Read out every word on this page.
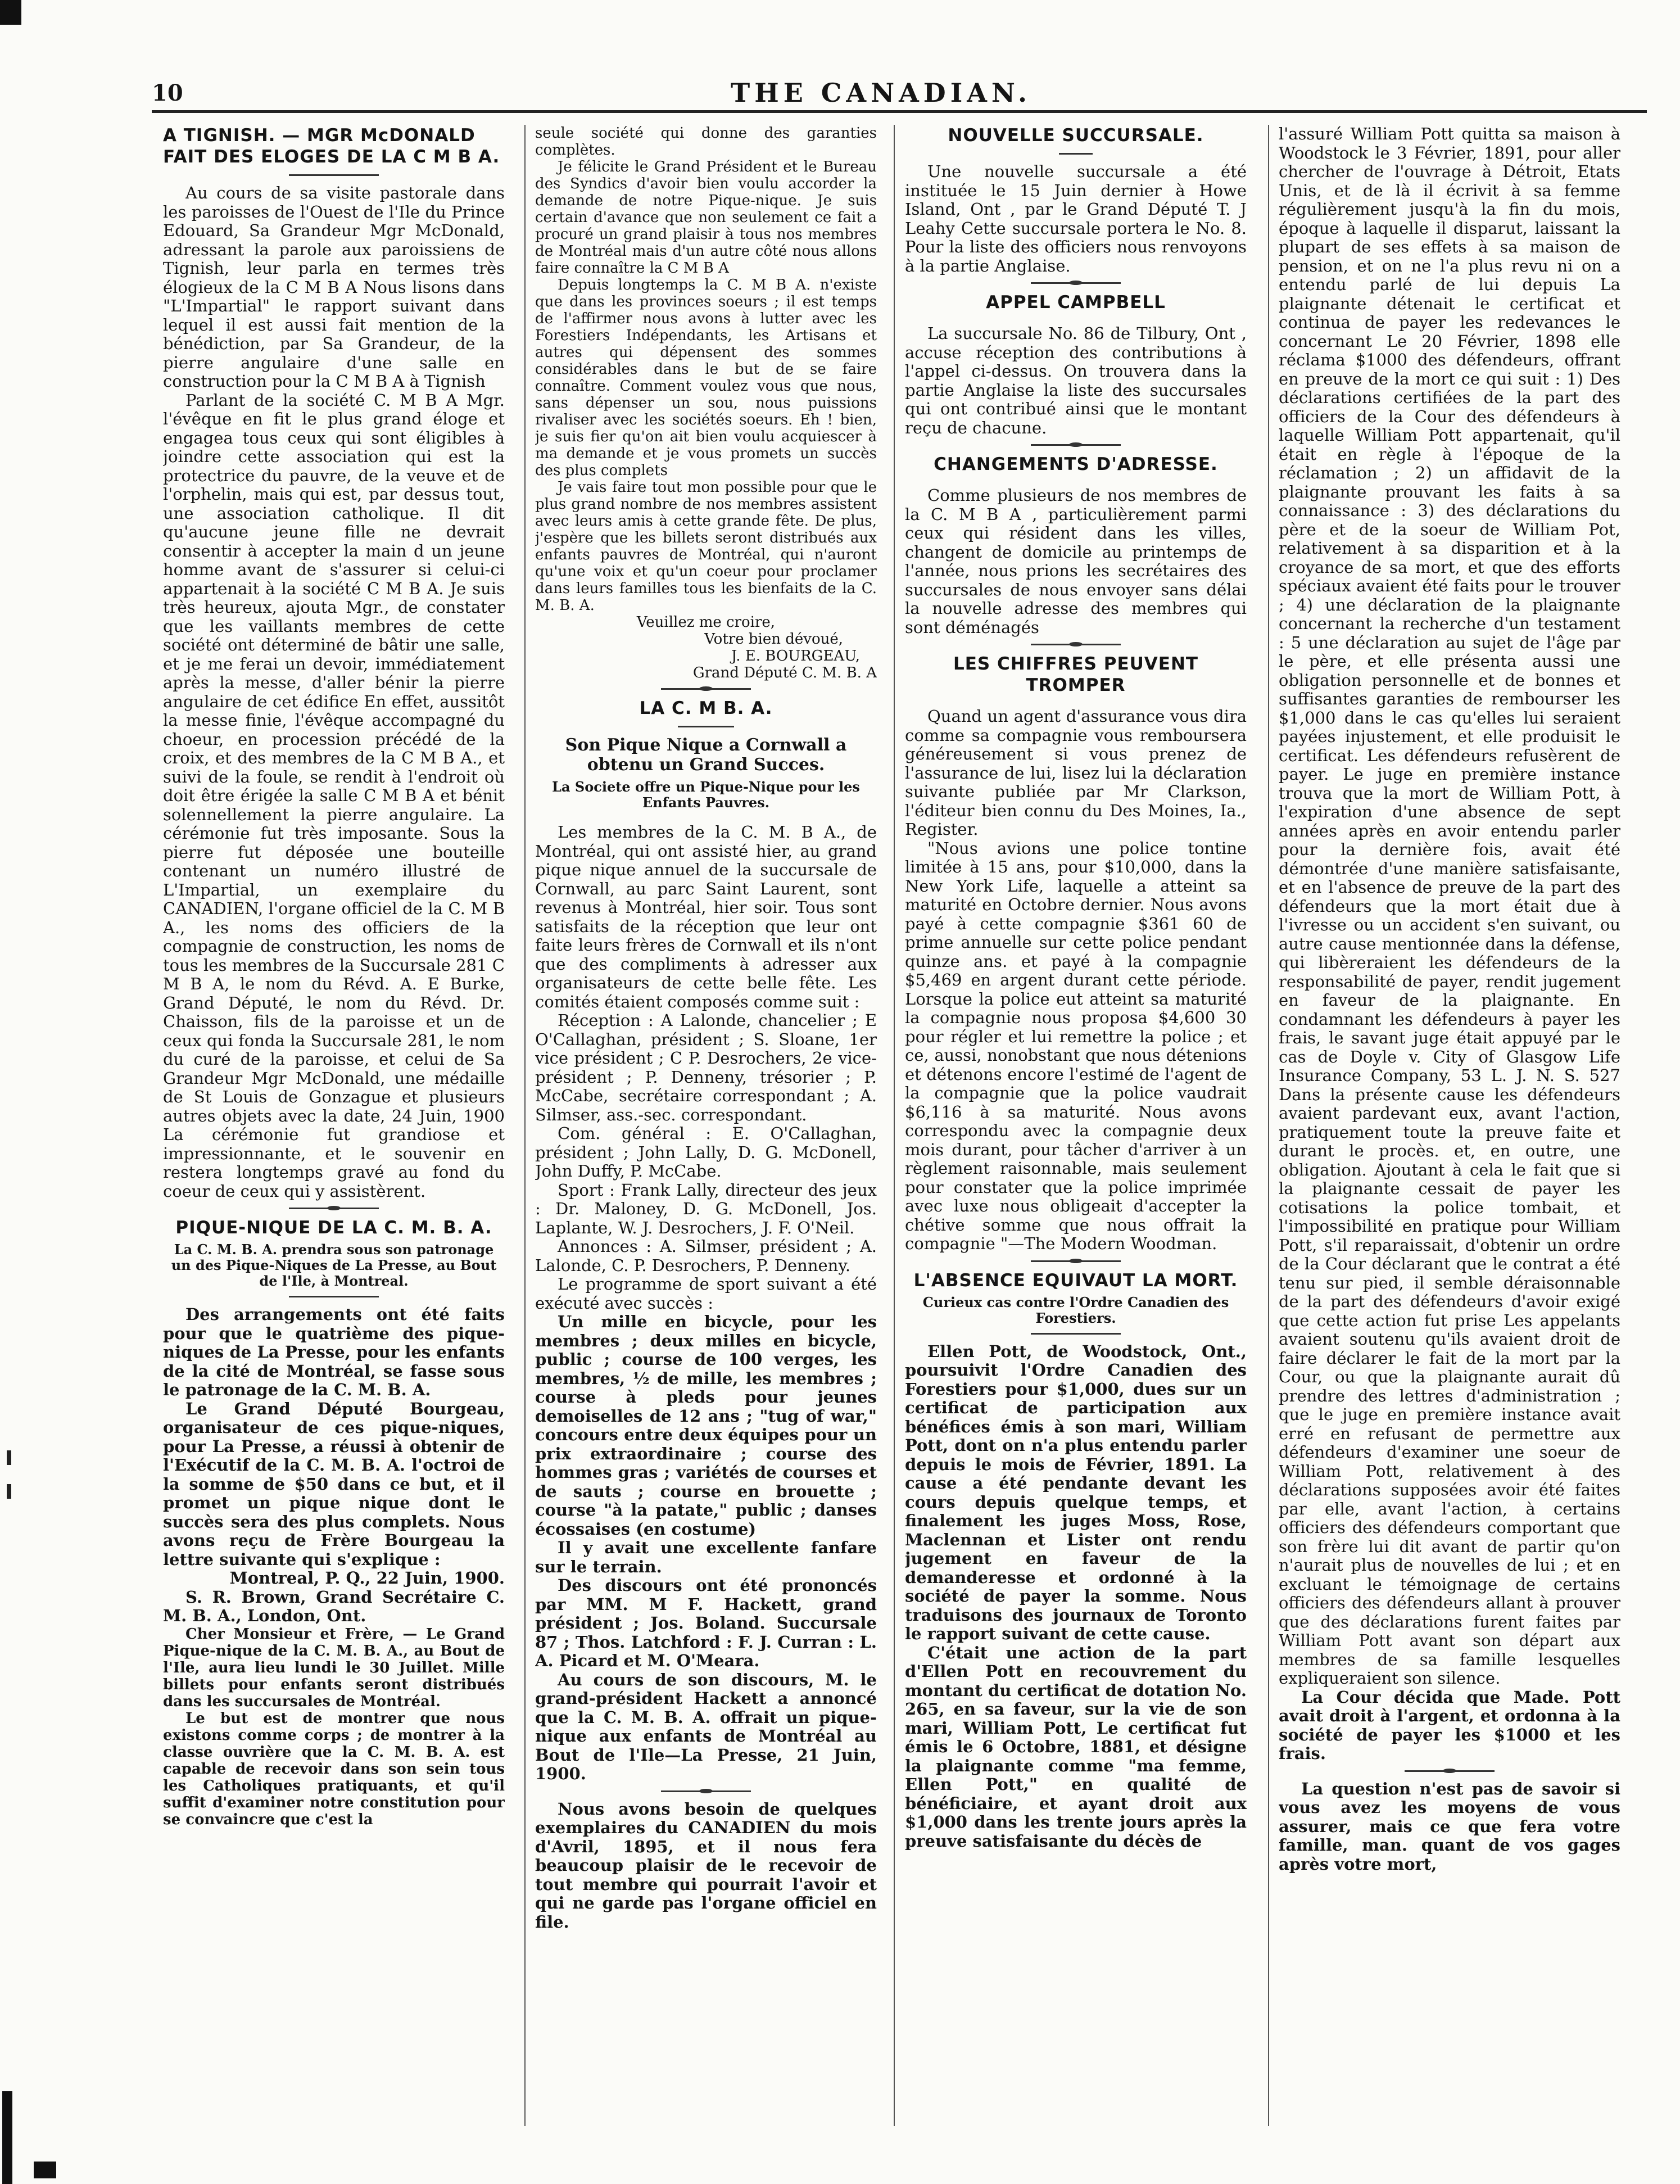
10	THE CANADIAN.
A TIGNISH. — MGR McDONALD FAIT DES ELOGES DE LA C M B A.

Au cours de sa visite pastorale dans les paroisses de l'Ouest de l'Ile du Prince Edouard, Sa Grandeur Mgr McDonald, adressant la parole aux paroissiens de Tignish, leur parla en termes très élogieux de la C M B A Nous lisons dans "L'Impartial" le rapport suivant dans lequel il est aussi fait mention de la bénédiction, par Sa Grandeur, de la pierre angulaire d'une salle en construction pour la C M B A à Tignish

Parlant de la société C. M B A Mgr. l'évêque en fit le plus grand éloge et engagea tous ceux qui sont éligibles à joindre cette association qui est la protectrice du pauvre, de la veuve et de l'orphelin, mais qui est, par dessus tout, une association catholique. Il dit qu'aucune jeune fille ne devrait consentir à accepter la main d un jeune homme avant de s'assurer si celui-ci appartenait à la société C M B A. Je suis très heureux, ajouta Mgr., de constater que les vaillants membres de cette société ont déterminé de bâtir une salle, et je me ferai un devoir, immédiatement après la messe, d'aller bénir la pierre angulaire de cet édifice En effet, aussitôt la messe finie, l'évêque accompagné du choeur, en procession précédé de la croix, et des membres de la C M B A., et suivi de la foule, se rendit à l'endroit où doit être érigée la salle C M B A et bénit solennellement la pierre angulaire. La cérémonie fut très imposante. Sous la pierre fut déposée une bouteille contenant un numéro illustré de L'Impartial, un exemplaire du CANADIEN, l'organe officiel de la C. M B A., les noms des officiers de la compagnie de construction, les noms de tous les membres de la Succursale 281 C M B A, le nom du Révd. A. E Burke, Grand Député, le nom du Révd. Dr. Chaisson, fils de la paroisse et un de ceux qui fonda la Succursale 281, le nom du curé de la paroisse, et celui de Sa Grandeur Mgr McDonald, une médaille de St Louis de Gonzague et plusieurs autres objets avec la date, 24 Juin, 1900 La cérémonie fut grandiose et impressionnante, et le souvenir en restera longtemps gravé au fond du coeur de ceux qui y assistèrent.

PIQUE-NIQUE DE LA C. M. B. A.
La C. M. B. A. prendra sous son patronage un des Pique-Niques de La Presse, au Bout de l'Ile, à Montreal.

Des arrangements ont été faits pour que le quatrième des pique-niques de La Presse, pour les enfants de la cité de Montréal, se fasse sous le patronage de la C. M. B. A.

Le Grand Député Bourgeau, organisateur de ces pique-niques, pour La Presse, a réussi à obtenir de l'Exécutif de la C. M. B. A. l'octroi de la somme de $50 dans ce but, et il promet un pique nique dont le succès sera des plus complets. Nous avons reçu de Frère Bourgeau la lettre suivante qui s'explique :

Montreal, P. Q., 22 Juin, 1900.

S. R. Brown, Grand Secrétaire C. M. B. A., London, Ont.

Cher Monsieur et Frère, — Le Grand Pique-nique de la C. M. B. A., au Bout de l'Ile, aura lieu lundi le 30 Juillet. Mille billets pour enfants seront distribués dans les succursales de Montréal.

Le but est de montrer que nous existons comme corps ; de montrer à la classe ouvrière que la C. M. B. A. est capable de recevoir dans son sein tous les Catholiques pratiquants, et qu'il suffit d'examiner notre constitution pour se convaincre que c'est la

seule société qui donne des garanties complètes.

Je félicite le Grand Président et le Bureau des Syndics d'avoir bien voulu accorder la demande de notre Pique-nique. Je suis certain d'avance que non seulement ce fait a procuré un grand plaisir à tous nos membres de Montréal mais d'un autre côté nous allons faire connaître la C M B A

Depuis longtemps la C. M B A. n'existe que dans les provinces soeurs ; il est temps de l'affirmer nous avons à lutter avec les Forestiers Indépendants, les Artisans et autres qui dépensent des sommes considérables dans le but de se faire connaître. Comment voulez vous que nous, sans dépenser un sou, nous puissions rivaliser avec les sociétés soeurs. Eh ! bien, je suis fier qu'on ait bien voulu acquiescer à ma demande et je vous promets un succès des plus complets

Je vais faire tout mon possible pour que le plus grand nombre de nos membres assistent avec leurs amis à cette grande fête. De plus, j'espère que les billets seront distribués aux enfants pauvres de Montréal, qui n'auront qu'une voix et qu'un coeur pour proclamer dans leurs familles tous les bienfaits de la C. M. B. A.

Veuillez me croire,

Votre bien dévoué,

J. E. BOURGEAU,

Grand Député C. M. B. A

LA C. M B. A.
Son Pique Nique a Cornwall a obtenu un Grand Succes.
La Societe offre un Pique-Nique pour les Enfants Pauvres.

Les membres de la C. M. B A., de Montréal, qui ont assisté hier, au grand pique nique annuel de la succursale de Cornwall, au parc Saint Laurent, sont revenus à Montréal, hier soir. Tous sont satisfaits de la réception que leur ont faite leurs frères de Cornwall et ils n'ont que des compliments à adresser aux organisateurs de cette belle fête. Les comités étaient composés comme suit :

Réception : A Lalonde, chancelier ; E O'Callaghan, président ; S. Sloane, 1er vice président ; C P. Desrochers, 2e vice-président ; P. Denneny, trésorier ; P. McCabe, secrétaire correspondant ; A. Silmser, ass.-sec. correspondant.

Com. général : E. O'Callaghan, président ; John Lally, D. G. McDonell, John Duffy, P. McCabe.

Sport : Frank Lally, directeur des jeux : Dr. Maloney, D. G. McDonell, Jos. Laplante, W. J. Desrochers, J. F. O'Neil.

Annonces : A. Silmser, président ; A. Lalonde, C. P. Desrochers, P. Denneny.

Le programme de sport suivant a été exécuté avec succès :

Un mille en bicycle, pour les membres ; deux milles en bicycle, public ; course de 100 verges, les membres, ½ de mille, les membres ; course à pleds pour jeunes demoiselles de 12 ans ; "tug of war," concours entre deux équipes pour un prix extraordinaire ; course des hommes gras ; variétés de courses et de sauts ; course en brouette ; course "à la patate," public ; danses écossaises (en costume)

Il y avait une excellente fanfare sur le terrain.

Des discours ont été prononcés par MM. M F. Hackett, grand président ; Jos. Boland. Succursale 87 ; Thos. Latchford : F. J. Curran : L. A. Picard et M. O'Meara.

Au cours de son discours, M. le grand-président Hackett a annoncé que la C. M. B. A. offrait un pique-nique aux enfants de Montréal au Bout de l'Ile—La Presse, 21 Juin, 1900.

Nous avons besoin de quelques exemplaires du CANADIEN du mois d'Avril, 1895, et il nous fera beaucoup plaisir de le recevoir de tout membre qui pourrait l'avoir et qui ne garde pas l'organe officiel en file.

NOUVELLE SUCCURSALE.

Une nouvelle succursale a été instituée le 15 Juin dernier à Howe Island, Ont , par le Grand Député T. J Leahy Cette succursale portera le No. 8. Pour la liste des officiers nous renvoyons à la partie Anglaise.

APPEL CAMPBELL

La succursale No. 86 de Tilbury, Ont , accuse réception des contributions à l'appel ci-dessus. On trouvera dans la partie Anglaise la liste des succursales qui ont contribué ainsi que le montant reçu de chacune.

CHANGEMENTS D'ADRESSE.

Comme plusieurs de nos membres de la C. M B A , particulièrement parmi ceux qui résident dans les villes, changent de domicile au printemps de l'année, nous prions les secrétaires des succursales de nous envoyer sans délai la nouvelle adresse des membres qui sont déménagés

LES CHIFFRES PEUVENT TROMPER

Quand un agent d'assurance vous dira comme sa compagnie vous remboursera généreusement si vous prenez de l'assurance de lui, lisez lui la déclaration suivante publiée par Mr Clarkson, l'éditeur bien connu du Des Moines, Ia., Register.

"Nous avions une police tontine limitée à 15 ans, pour $10,000, dans la New York Life, laquelle a atteint sa maturité en Octobre dernier. Nous avons payé à cette compagnie $361 60 de prime annuelle sur cette police pendant quinze ans. et payé à la compagnie $5,469 en argent durant cette période. Lorsque la police eut atteint sa maturité la compagnie nous proposa $4,600 30 pour régler et lui remettre la police ; et ce, aussi, nonobstant que nous détenions et détenons encore l'estimé de l'agent de la compagnie que la police vaudrait $6,116 à sa maturité. Nous avons correspondu avec la compagnie deux mois durant, pour tâcher d'arriver à un règlement raisonnable, mais seulement pour constater que la police imprimée avec luxe nous obligeait d'accepter la chétive somme que nous offrait la compagnie "—The Modern Woodman.

L'ABSENCE EQUIVAUT LA MORT.
Curieux cas contre l'Ordre Canadien des Forestiers.

Ellen Pott, de Woodstock, Ont., poursuivit l'Ordre Canadien des Forestiers pour $1,000, dues sur un certificat de participation aux bénéfices émis à son mari, William Pott, dont on n'a plus entendu parler depuis le mois de Février, 1891. La cause a été pendante devant les cours depuis quelque temps, et finalement les juges Moss, Rose, Maclennan et Lister ont rendu jugement en faveur de la demanderesse et ordonné à la société de payer la somme. Nous traduisons des journaux de Toronto le rapport suivant de cette cause.

C'était une action de la part d'Ellen Pott en recouvrement du montant du certificat de dotation No. 265, en sa faveur, sur la vie de son mari, William Pott, Le certificat fut émis le 6 Octobre, 1881, et désigne la plaignante comme "ma femme, Ellen Pott," en qualité de bénéficiaire, et ayant droit aux $1,000 dans les trente jours après la preuve satisfaisante du décès de

l'assuré William Pott quitta sa maison à Woodstock le 3 Février, 1891, pour aller chercher de l'ouvrage à Détroit, Etats Unis, et de là il écrivit à sa femme régulièrement jusqu'à la fin du mois, époque à laquelle il disparut, laissant la plupart de ses effets à sa maison de pension, et on ne l'a plus revu ni on a entendu parlé de lui depuis La plaignante détenait le certificat et continua de payer les redevances le concernant Le 20 Février, 1898 elle réclama $1000 des défendeurs, offrant en preuve de la mort ce qui suit : 1) Des déclarations certifiées de la part des officiers de la Cour des défendeurs à laquelle William Pott appartenait, qu'il était en règle à l'époque de la réclamation ; 2) un affidavit de la plaignante prouvant les faits à sa connaissance : 3) des déclarations du père et de la soeur de William Pot, relativement à sa disparition et à la croyance de sa mort, et que des efforts spéciaux avaient été faits pour le trouver ; 4) une déclaration de la plaignante concernant la recherche d'un testament : 5 une déclaration au sujet de l'âge par le père, et elle présenta aussi une obligation personnelle et de bonnes et suffisantes garanties de rembourser les $1,000 dans le cas qu'elles lui seraient payées injustement, et elle produisit le certificat. Les défendeurs refusèrent de payer. Le juge en première instance trouva que la mort de William Pott, à l'expiration d'une absence de sept années après en avoir entendu parler pour la dernière fois, avait été démontrée d'une manière satisfaisante, et en l'absence de preuve de la part des défendeurs que la mort était due à l'ivresse ou un accident s'en suivant, ou autre cause mentionnée dans la défense, qui libèreraient les défendeurs de la responsabilité de payer, rendit jugement en faveur de la plaignante. En condamnant les défendeurs à payer les frais, le savant juge était appuyé par le cas de Doyle v. City of Glasgow Life Insurance Company, 53 L. J. N. S. 527 Dans la présente cause les défendeurs avaient pardevant eux, avant l'action, pratiquement toute la preuve faite et durant le procès. et, en outre, une obligation. Ajoutant à cela le fait que si la plaignante cessait de payer les cotisations la police tombait, et l'impossibilité en pratique pour William Pott, s'il reparaissait, d'obtenir un ordre de la Cour déclarant que le contrat a été tenu sur pied, il semble déraisonnable de la part des défendeurs d'avoir exigé que cette action fut prise Les appelants avaient soutenu qu'ils avaient droit de faire déclarer le fait de la mort par la Cour, ou que la plaignante aurait dû prendre des lettres d'administration ; que le juge en première instance avait erré en refusant de permettre aux défendeurs d'examiner une soeur de William Pott, relativement à des déclarations supposées avoir été faites par elle, avant l'action, à certains officiers des défendeurs comportant que son frère lui dit avant de partir qu'on n'aurait plus de nouvelles de lui ; et en excluant le témoignage de certains officiers des défendeurs allant à prouver que des déclarations furent faites par William Pott avant son départ aux membres de sa famille lesquelles expliqueraient son silence.

La Cour décida que Made. Pott avait droit à l'argent, et ordonna à la société de payer les $1000 et les frais.

La question n'est pas de savoir si vous avez les moyens de vous assurer, mais ce que fera votre famille, man. quant de vos gages après votre mort,
